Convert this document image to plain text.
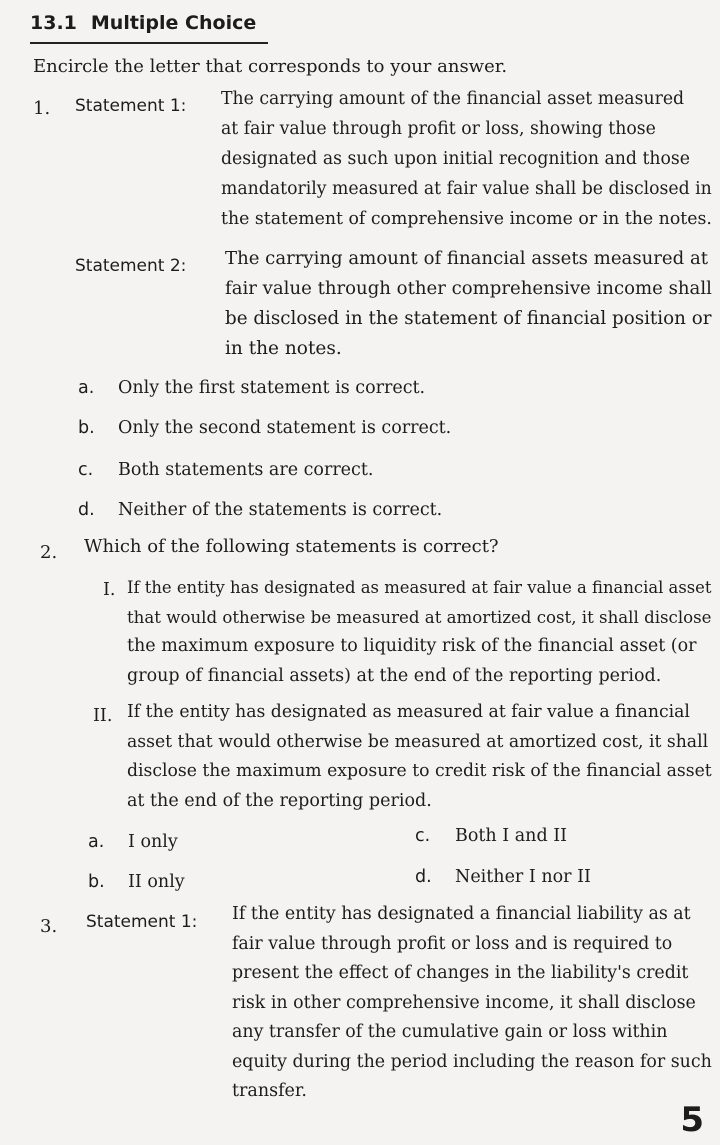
13.1 Multiple Choice
Encircle the letter that corresponds to your answer.
1. Statement 1: The carrying amount of the financial asset measured
at fair value through profit or loss, showing those
designated as such upon initial recognition and those
mandatorily measured at fair value shall be disclosed in
the statement of comprehensive income or in the notes.
Statement 2: The carrying amount of financial assets measured at
fair value through other comprehensive income shall
be disclosed in the statement of financial position or
in the notes.
a. Only the first statement is correct.
b. Only the second statement is correct.
c. Both statements are correct.
d. Neither of the statements is correct.
2. Which of the following statements is correct?
I. If the entity has designated as measured at fair value a financial asset
that would otherwise be measured at amortized cost, it shall disclose
the maximum exposure to liquidity risk of the financial asset (or
group of financial assets) at the end of the reporting period.
II. If the entity has designated as measured at fair value a financial
asset that would otherwise be measured at amortized cost, it shall
disclose the maximum exposure to credit risk of the financial asset
at the end of the reporting period.
a. I only
b. II only
c. Both I and II
d. Neither I nor II
3. Statement 1: If the entity has designated a financial liability as at
fair value through profit or loss and is required to
present the effect of changes in the liability's credit
risk in other comprehensive income, it shall disclose
any transfer of the cumulative gain or loss within
equity during the period including the reason for such
transfer.
5
